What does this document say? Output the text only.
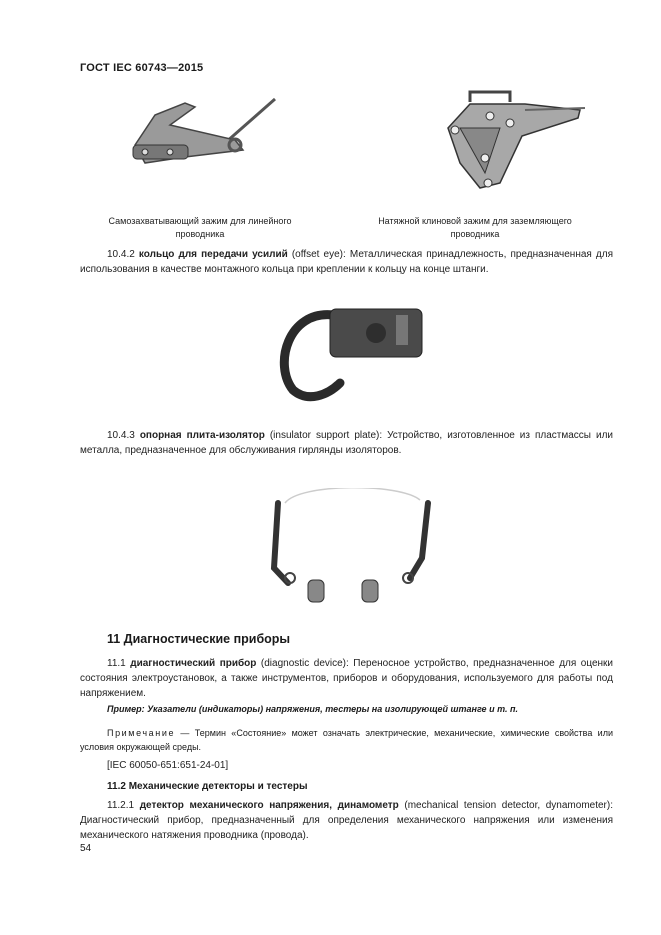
ГОСТ IEC 60743—2015
Самозахватывающий зажим для линейного проводника
Натяжной клиновой зажим для заземляющего проводника
10.4.2 кольцо для передачи усилий (offset eye): Металлическая принадлежность, предназначенная для использования в качестве монтажного кольца при креплении к кольцу на конце штанги.
10.4.3 опорная плита-изолятор (insulator support plate): Устройство, изготовленное из пластмассы или металла, предназначенное для обслуживания гирлянды изоляторов.
11 Диагностические приборы
11.1 диагностический прибор (diagnostic device): Переносное устройство, предназначенное для оценки состояния электроустановок, а также инструментов, приборов и оборудования, используемого для работы под напряжением.
Пример: Указатели (индикаторы) напряжения, тестеры на изолирующей штанге и т. п.
Примечание — Термин «Состояние» может означать электрические, механические, химические свойства или условия окружающей среды.
[IEC 60050-651:651-24-01]
11.2 Механические детекторы и тестеры
11.2.1 детектор механического напряжения, динамометр (mechanical tension detector, dynamometer): Диагностический прибор, предназначенный для определения механического напряжения или изменения механического натяжения проводника (провода).
54
